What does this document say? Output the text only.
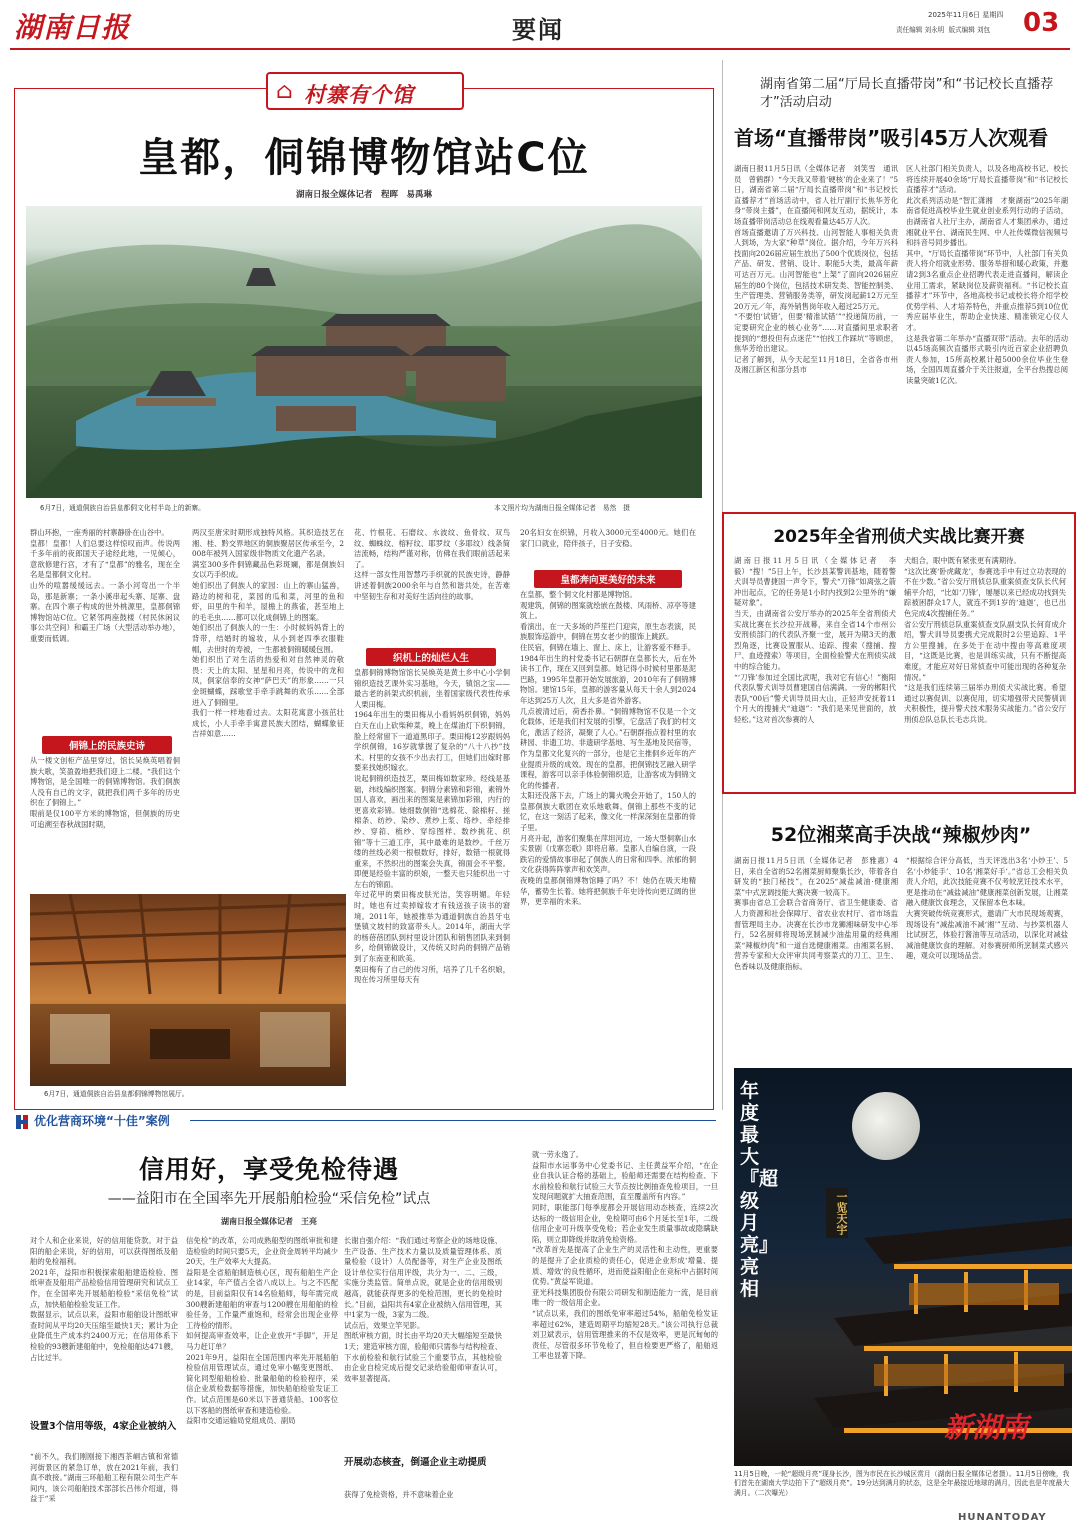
湖南日报	要闻	2025年11月6日 星期四
责任编辑 刘永明 版式编辑 刘包 03
⌂ 村寨有个馆
皇都，侗锦博物馆站C位
湖南日报全媒体记者　程晖　易禹琳
6月7日，通道侗族自治县皇都侗文化村半岛上的新寨。	本文照片均为湖南日报全媒体记者　易然　摄
群山环抱，一座秀丽的村寨静卧在山谷中。
皇都！皇都！人们总要这样惊叹而声。传说两千多年前的夜郎国天子途经此地，一见倾心，意欲修建行宫，才有了“皇都”的雅名，现在全名是皇都侗文化村。
山外的喧嚣缓缓远去。一条小河弯出一个半岛，那是新寨；一条小溪串起头寨、尾寨、盘寨。在四个寨子构成的世外桃源里，皇都侗锦博物馆站C位。它紧邻两座鼓楼（村民休闲议事公共空间）和霸王广场（大型活动举办地），重要而低调。
侗锦上的民族史诗
从一楼文创柜产品里穿过，馆长吴焕英唱着侗族大歌，笑盈盈地把我们迎上二楼。“我们这个博物馆，是全国唯一的侗锦博物馆。我们侗族人没有自己的文字，就把我们两千多年的历史织在了侗锦上。”
眼前是仅100平方米的博物馆，但侗族的历史可追溯至春秋战国时期，
两汉至唐宋时期形成独特风格。其织造技艺在湘、桂、黔交界地区的侗族聚居区传承至今，2008年被列入国家级非物质文化遗产名录。
满室300多件侗锦藏品色彩斑斓，都是侗族妇女以巧手织成。
她们织出了侗族人的家园：山上的寨山猛兽，路边的树和花，菜园的瓜和菜，河里的鱼和虾，田里的牛和羊，屋檐上的燕雀，甚至地上的毛毛虫……都可以化成侗锦上的图案。
她们织出了侗族人的一生：小时候妈妈背上的背带，结婚时的嫁妆，从小到老四季衣服鞋帽，去世时的寿被，一生都被侗锦暖暖包围。
她们织出了对生活的热爱和对自然神灵的敬畏：天上的太阳、星星和月亮，传说中的龙和凤，侗家信奉的女神“萨巴天”的形象……一只金斑蝴蝶，踩歌堂手牵手跳舞的欢乐……全部进入了侗锦里。
我们一样一样地看过去。太阳花寓意小孩茁壮成长，小人手牵手寓意民族大团结，蝴蝶象征吉祥如意……
花、竹根花、石磨纹、水波纹、鱼骨纹、双鸟纹、蜘蛛纹、榕籽纹、耶罗纹（多耶纹）线条简洁流畅，结构严谨对称，仿佛在我们眼前活起来了。
这样一部女性用智慧巧手织就的民族史诗，静静讲述着侗族2000余年与自然和谐共处，在苦难中坚韧生存和对美好生活向往的故事。
织机上的灿烂人生
皇都侗锦博物馆馆长吴焕英是黄土乡中心小学侗锦织造技艺课外实习基地，今天，镇馆之宝——最古老的斜架式织机前，坐着国家级代表性传承人栗田梅。
1964年出生的栗田梅从小看妈妈织侗锦，妈妈白天在山上砍柴种菜，晚上在煤油灯下织侗锦，脸上经常留下一道道黑印子。栗田梅12岁跟妈妈学织侗锦，16岁就掌握了复杂的“八十八抄”技术。村里的女孩不少出去打工，但她们出嫁时都要来找她织嫁衣。
说起侗锦织造技艺，栗田梅如数家珍。经线是基础，纬线编织图案。侗锦分素锦和彩锦，素锦外国人喜欢，画出来的图案是素锦加彩锦，内行的更喜欢彩锦。她细数侗锦“选棉花、除棉籽、搓棉条、纺纱、染纱、煮纱上浆、络纱、牵经排纱、穿筘、梳纱、穿综图样、数纱挑花、织锦”等十三道工序，其中最难的是数纱。千丝万缕的丝线必须一根根数好，排好，数错一根就得重来，不然织出的图案会失真，锦面会不平整。即便是经验丰富的织娘，一整天也只能织出一寸左右的锦面。
年过花甲的栗田梅皮肤光洁，笑容明媚。年轻时，她也有过卖掉嫁妆才有钱送孩子读书的窘境。2011年，她被推举为通道侗族自治县牙屯堡镇文坡村的致富带头人。2014年，湖南大学的杨蓓蓓团队到村里设计团队和销售团队来到侗乡，给侗锦做设计，又传统又时尚的侗锦产品销到了东南亚和欧美。
栗田梅有了自己的传习所，培养了几千名织娘，现在传习所里每天有
20名妇女在织锦，月收入3000元至4000元。她们在家门口就业，陪伴孩子，日子安稳。
皇都奔向更美好的未来
在皇都，整个侗文化村都是博物馆。
观建筑，侗锦的图案就绘嵌在鼓楼、风雨桥、凉亭等建筑上。
看演出，在一天多场的芦笙拦门迎宾，原生态表演，民族服饰巡游中，侗锦在男女老少的服饰上跳跃。
住民宿，侗锦在墙上、窗上、床上，让游客爱不释手。
1984年出生的村党委书记石朝群在皇都长大，后在外读书工作，现在又回到皇都。她记得小时候村里都是泥巴路，1995年皇都开始发展旅游，2010年有了侗锦博物馆。建馆15年，皇都的游客量从每天十余人到2024年达到25万人次，且大多是省外游客。
几点被清过后，荷香扑鼻。“侗锦博物馆不仅是一个文化载体，还是我们村发展的引擎，它盘活了我们的村文化，激活了经济，凝聚了人心。”石朝群指点着村里的农耕园、非遗工坊、非遗研学基地、写生基地及民宿等，作为皇都文化复兴的一部分，也是它主推侗乡近年的产业提质升级的成效。现在的皇都，把侗锦技艺融入研学课程，游客可以亲手体验侗锦织造，让游客成为侗锦文化的传播者。
太阳还没落下去，广场上的篝火晚会开始了，150人的皇都侗族大歌团在欢乐地歌舞。侗锦上那些不变的记忆，在这一刻活了起来，像文化一样深深刻在皇都的骨子里。
月亮升起，游客们聚集在萍坦河边，一场大型侗寨山水实景剧《戊寨恋歌》即将启幕。皇都人自编自演，一段跌宕的爱情故事串起了侗族人的日常和四季。浓郁的侗文化获得阵阵掌声和欢笑声。
夜晚的皇都侗锦博物馆睡了吗？不！她仍在吸天地精华，蓄势生长着。她将把侗族千年史诗传向更辽阔的世界，更幸福的未来。
6月7日，通道侗族自治县皇都侗锦博物馆展厅。
湖南省第二届“厅局长直播带岗”和“书记校长直播荐才”活动启动
首场“直播带岗”吸引45万人次观看
湖南日报11月5日讯（全媒体记者　刘笑雪　通讯员　曾鹤群）“今天我又带着‘硬核’的企业来了！”5日，湖南省第二届“厅局长直播带岗”和“书记校长直播荐才”首场活动中，省人社厅副厅长焦华芳化身“带岗主播”，在直播间和网友互动，据统计，本场直播带岗活动总在线观看量达45万人次。
首场直播邀请了万兴科技、山河智能人事相关负责人到场，为大家“种草”岗位。据介绍，今年万兴科技面向2026届应届生放出了500个优质岗位，包括产品、研发、营销、设计、职能5大类，最高年薪可达百万元。山河智能也“上架”了面向2026届应届生的80个岗位，包括技术研发类、智能控制类、生产管理类、营销服务类等，研发岗起薪12万元至20万元／年，海外销售岗年收入超过25万元。
“不要怕‘试错’，但要‘精准试错’”“投递简历前，一定要研究企业的核心业务”……对直播间里求职者提到的“想投但有点迷茫”“怕找工作踩坑”等顾虑，焦华芳给出建议。
记者了解到，从今天起至11月18日，全省各市州及湘江新区和部分县市
区人社部门相关负责人，以及各地高校书记、校长将连续开展40余场“厅局长直播带岗”和“书记校长直播荐才”活动。
此次系列活动是“智汇潇湘　才聚湖南”2025年湖南省促进高校毕业生就业创业系列行动的子活动，由湖南省人社厅主办，湖南省人才集团承办，通过湘就业平台、湖南民生网、中人社传媒微信视频号和抖音号同步播出。
其中，“厅局长直播带岗”环节中，人社部门有关负责人将介绍就业形势、服务举措和暖心政策，并邀请2到3名重点企业招聘代表走进直播间，解读企业用工需求，紧缺岗位及薪资福利。“书记校长直播荐才”环节中，各地高校书记或校长将介绍学校优势学科、人才培养特色，并重点推荐5到10位优秀应届毕业生，帮助企业快速、精准锁定心仪人才。
这是我省第二年举办“直播双带”活动。去年的活动以45场高频次直播形式吸引内近百家企业招聘负责人参加，15所高校累计超5000余位毕业生登场，全国四周直播介于关注报道，全平台热搜总阅读量突破1亿次。
2025年全省刑侦犬实战比赛开赛
湖南日报11月5日讯（全媒体记者　李毅）“搜！”5日上午，长沙县某警训基地，随着警犬训导员曹捷国一声令下，警犬“刀锋”如离弦之箭冲出起点，它的任务是1小时内找到2公里外的“嫌疑对象”。
当天，由湖南省公安厅举办的2025年全省刑侦犬实战比赛在长沙拉开战幕，来自全省14个市州公安刑侦部门的代表队齐聚一堂，展开为期3天的激烈角逐，比赛设置服从、追踪、搜索（搜捕、搜尸、血迹搜索）等项目，全面检验警犬在刑侦实战中的综合能力。
“‘刀锋’参加过全国比武呢，我对它有信心！”衡阳代表队警犬训导员曹建国自信满满。一旁的郴阳代表队“00后”警犬训导员田大山，正轻声安抚着11个月大的搜捕犬“迪迦”：“我们是来见世面的，放轻松。”这对首次参赛的人
犬组合，眼中既有紧张更有满期待。
“这次比赛‘卧虎藏龙’，参赛选手中有过立功表现的不在少数。”省公安厅刑侦总队重案侦查支队长代何辅平介绍，“比如‘刀锋’，屡屡以来已经成功找到失踪被困群众17人，就连不到1岁的‘迪迦’，也已出色完成4次搜捕任务。”
省公安厅刑侦总队重案侦查支队副支队长何育成介绍，警犬训导员要携犬完成限时2公里追踪、1平方公里搜捕，在多处于在动中搜由等高难度项目，“这既是比赛，也是训练实战，只有不断提高难度，才能应对好日常侦查中可能出现的各种复杂情况。”
“这是我们连续第三届举办刑侦犬实战比赛。希望通过以赛促训、以赛促用，切实增强带犬民警驯训犬积极性，提升警犬技术服务实战能力。”省公安厅刑侦总队总队长毛志兵说。
52位湘菜高手决战“辣椒炒肉”
湖南日报11月5日讯（全媒体记者　彭雅惠）4日，来自全省的52名湘菜厨师聚集长沙，带着各自研发的“独门秘技”，在2025“减盐减油·健康湘菜”中式烹调技能大赛决赛一较高下。
赛事由省总工会联合省商务厅、省卫生健康委、省人力资源和社会保障厅、省农业农村厅、省市场监督管理局主办。决赛在长沙市龙狮湘味研发中心举行，52名厨师将现场烹制减少油盐用量的经典湘菜“辣椒炒肉”和一道自选健康湘菜。由湘菜名厨、营养专家和大众评审共同考察菜式的刀工、卫生、色香味以及健康指标。
“根据综合评分高低，当天评选出3名‘小炒王’、5名‘小炒能手’、10名‘湘菜好手’。”省总工会相关负责人介绍，此次技能竞赛不仅考较烹饪技术水平，更是推动在“减盐减油”健康湘菜创新发展，让湘菜融入健康饮食理念，又保留本色本味。
大赛突破传统竞赛形式，邀请广大市民现场观赛，现场设有“减盐减油不减‘湘’”互动、与抄菜机器人比试厨艺，体验打酱油等互动活动，以深化对减盐减油健康饮食的理解。对参赛厨师所烹制菜式感兴趣，观众可以现场品尝。
一览天宇
年度最大『超级月亮』亮相
新湖南
11月5日晚，一轮“超级月亮”现身长沙，图为市民在长沙城区赏月（湖南日报全媒体记者摄）。11月5日傍晚，我们首先在湖南大学边拍下了“超级月亮”。19分达到满月的状态，这是全年最接近地球的满月，因此也是年度最大满月。（二次曝光）
HUNANTODAY
优化营商环境“十佳”案例
信用好，享受免检待遇
——益阳市在全国率先开展船舶检验“采信免检”试点
湖南日报全媒体记者　王亮
对个人和企业来说，好的信用能贷款。对于益阳的船企来说，好的信用，可以获得图纸及船舶的免检福利。
2021年，益阳市积极探索船舶建造检验、图纸审查及船用产品检验信用管理研究和试点工作，在全国率先开展船舶检验“采信免检”试点，加快船舶检验发证工作。
数据显示，试点以来，益阳市船舶设计图纸审查时间从平均20天压缩至最快1天；累计为企业降低生产成本约2400万元；在信用体系下检验的93艘新建船舶中，免检船舶达471艘，占比过半。
设置3个信用等级，4家企业被纳入
“前不久，我们刚刚接下湘西茶峒古镇和常德河街景区的紧急订单，放在2021年前，我们真不敢接。”湖南三环船舶工程有限公司生产车间内，该公司船舶技术部部长吕伟介绍道，得益于“采
信免检”的改革，公司成熟船型的图纸审批和建造检验的时间只要5天，企业资金周转平均减少20天，生产效率大大提高。
益阳是全省船舶制造核心区，现有船舶生产企业14家，年产值占全省八成以上。与之不匹配的是，目前益阳仅有14名验船师，每年需完成300艘新建船舶的审查与1200艘在用船舶的检验任务，工作量严重饱和，经常会出现企业停工待检的情形。
如何提高审查效率，让企业放开“手脚”，开足马力赶订单？
2021年9月，益阳在全国范围内率先开展船舶检验信用管理试点，通过免审小幅变更图纸、简化同型船舶检验、批量船舶的检验程序，采信企业质检数据等措施，加快船舶检验发证工作。试点范围是60米以下普通货船、100客位以下客船的图纸审查和建造检验。
益阳市交通运输局党组成员、副局
长谢自强介绍：“我们通过考察企业的场地设施、生产设备、生产技术力量以及质量管理体系、质量检验（设计）人员配备等，对生产企业及图纸设计单位实行信用评级，共分为一、二、三级，实施分类监管。简单点说，就是企业的信用级别越高，就能获得更多的免检范围，更长的免检时长。”目前，益阳共有4家企业被纳入信用管理，其中1家为一级，3家为二级。
试点后，效果立竿见影。
图纸审核方面，时长由平均20天大幅缩短至最快1天；建造审核方面，验船师只需参与结构检查、下水前检验和航行试验三个重要节点，其他检验由企业自检完成后提交记录给验船师审查认可，效率显著提高。
开展动态核查，倒逼企业主动提质
获得了免检资格，并不意味着企业
就一劳永逸了。
益阳市水运事务中心党委书记、主任黄益军介绍，“在企业自我认证合格的基础上，验船师还需要在结构检查、下水前检验和航行试验三大节点按比例抽查免检项目，一旦发现问题就扩大抽查范围，直至覆盖所有内容。”
同时，职能部门每季度都会开展信用动态核查，连续2次达标的一级信用企业，免检期可由6个月延长至1年，二级信用企业可升级享受免检；若企业发生质量事故或隐瞒缺陷，则立即降级并取消免检资格。
“改革首先是提高了企业生产的灵活性和主动性，更重要的是提升了企业质检的责任心，促进企业形成‘增量、提质、增效’的良性循环，进而使益阳船企在竞标中占据时间优势。”黄益军说道。
亚光科技集团股份有限公司研发和制造能力一流，是目前唯一的一级信用企业。
“试点以来，我们的图纸免审率超过54%，船舶免检发证率超过62%，建造周期平均缩短28天。”该公司执行总裁刘卫斌表示，信用管理推来的不仅是效率，更是沉甸甸的责任，尽管很多环节免检了，但自检要更严格了，船舶返工率也显著下降。
